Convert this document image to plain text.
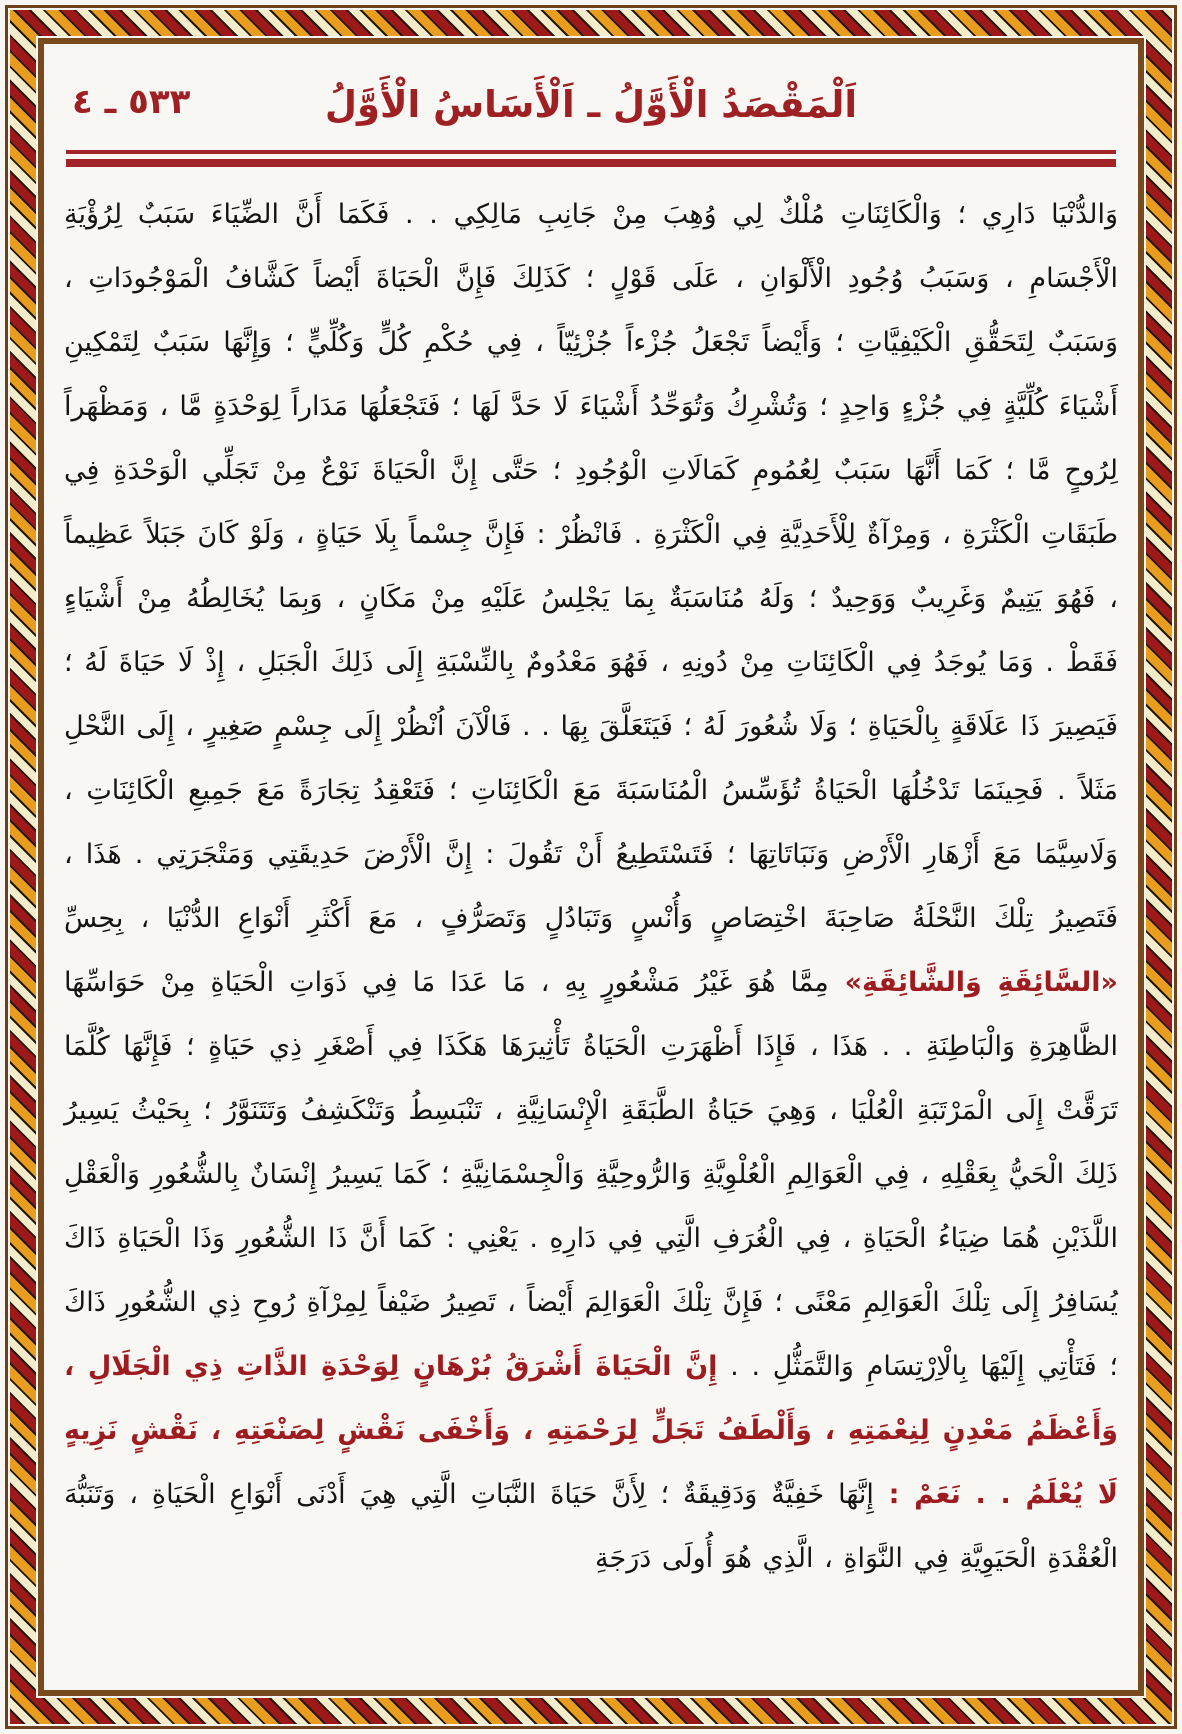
٥٣٣ ـ ٤	اَلْمَقْصَدُ الْأَوَّلُ ـ اَلْأَسَاسُ الْأَوَّلُ
وَالدُّنْيَا دَارِي ؛ وَالْكَائِنَاتِ مُلْكٌ لِي وُهِبَ مِنْ جَانِبِ مَالِكِي . . فَكَمَا أَنَّ الضِّيَاءَ سَبَبٌ لِرُؤْيَةِ الْأَجْسَامِ ، وَسَبَبُ وُجُودِ الْأَلْوَانِ ، عَلَى قَوْلٍ ؛ كَذَلِكَ فَإِنَّ الْحَيَاةَ أَيْضاً كَشَّافُ الْمَوْجُودَاتِ ، وَسَبَبٌ لِتَحَقُّقِ الْكَيْفِيَّاتِ ؛ وَأَيْضاً تَجْعَلُ جُزْءاً جُزْئِيّاً ، فِي حُكْمِ كُلٍّ وَكُلِّيٍّ ؛ وَإِنَّهَا سَبَبٌ لِتَمْكِينِ أَشْيَاءَ كُلِّيَّةٍ فِي جُزْءٍ وَاحِدٍ ؛ وَتُشْرِكُ وَتُوَحِّدُ أَشْيَاءَ لَا حَدَّ لَهَا ؛ فَتَجْعَلُهَا مَدَاراً لِوَحْدَةٍ مَّا ، وَمَظْهَراً لِرُوحٍ مَّا ؛ كَمَا أَنَّهَا سَبَبٌ لِعُمُومِ كَمَالَاتِ الْوُجُودِ ؛ حَتَّى إِنَّ الْحَيَاةَ نَوْعٌ مِنْ تَجَلِّي الْوَحْدَةِ فِي طَبَقَاتِ الْكَثْرَةِ ، وَمِرْآةٌ لِلْأَحَدِيَّةِ فِي الْكَثْرَةِ . فَانْظُرْ : فَإِنَّ جِسْماً بِلَا حَيَاةٍ ، وَلَوْ كَانَ جَبَلاً عَظِيماً ، فَهُوَ يَتِيمٌ وَغَرِيبٌ وَوَحِيدٌ ؛ وَلَهُ مُنَاسَبَةٌ بِمَا يَجْلِسُ عَلَيْهِ مِنْ مَكَانٍ ، وَبِمَا يُخَالِطُهُ مِنْ أَشْيَاءٍ فَقَطْ . وَمَا يُوجَدُ فِي الْكَائِنَاتِ مِنْ دُونِهِ ، فَهُوَ مَعْدُومٌ بِالنِّسْبَةِ إِلَى ذَلِكَ الْجَبَلِ ، إِذْ لَا حَيَاةَ لَهُ ؛ فَيَصِيرَ ذَا عَلَاقَةٍ بِالْحَيَاةِ ؛ وَلَا شُعُورَ لَهُ ؛ فَيَتَعَلَّقَ بِهَا . . فَالْآنَ اُنْظُرْ إِلَى جِسْمٍ صَغِيرٍ ، إِلَى النَّحْلِ مَثَلاً . فَحِينَمَا تَدْخُلُهَا الْحَيَاةُ تُؤَسِّسُ الْمُنَاسَبَةَ مَعَ الْكَائِنَاتِ ؛ فَتَعْقِدُ تِجَارَةً مَعَ جَمِيعِ الْكَائِنَاتِ ، وَلَاسِيَّمَا مَعَ أَزْهَارِ الْأَرْضِ وَنَبَاتَاتِهَا ؛ فَتَسْتَطِيعُ أَنْ تَقُولَ : إِنَّ الْأَرْضَ حَدِيقَتِي وَمَتْجَرَتِي . هَذَا ، فَتَصِيرُ تِلْكَ النَّحْلَةُ صَاحِبَةَ اخْتِصَاصٍ وَأُنْسٍ وَتَبَادُلٍ وَتَصَرُّفٍ ، مَعَ أَكْثَرِ أَنْوَاعِ الدُّنْيَا ، بِحِسِّ «السَّائِقَةِ وَالشَّائِقَةِ» مِمَّا هُوَ غَيْرُ مَشْعُورٍ بِهِ ، مَا عَدَا مَا فِي ذَوَاتِ الْحَيَاةِ مِنْ حَوَاسِّهَا الظَّاهِرَةِ وَالْبَاطِنَةِ . . هَذَا ، فَإِذَا أَظْهَرَتِ الْحَيَاةُ تَأْثِيرَهَا هَكَذَا فِي أَصْغَرِ ذِي حَيَاةٍ ؛ فَإِنَّهَا كُلَّمَا تَرَقَّتْ إِلَى الْمَرْتَبَةِ الْعُلْيَا ، وَهِيَ حَيَاةُ الطَّبَقَةِ الْإِنْسَانِيَّةِ ، تَنْبَسِطُ وَتَنْكَشِفُ وَتَتَنَوَّرُ ؛ بِحَيْثُ يَسِيرُ ذَلِكَ الْحَيُّ بِعَقْلِهِ ، فِي الْعَوَالِمِ الْعُلْوِيَّةِ وَالرُّوحِيَّةِ وَالْجِسْمَانِيَّةِ ؛ كَمَا يَسِيرُ إِنْسَانٌ بِالشُّعُورِ وَالْعَقْلِ اللَّذَيْنِ هُمَا ضِيَاءُ الْحَيَاةِ ، فِي الْغُرَفِ الَّتِي فِي دَارِهِ . يَعْنِي : كَمَا أَنَّ ذَا الشُّعُورِ وَذَا الْحَيَاةِ ذَاكَ يُسَافِرُ إِلَى تِلْكَ الْعَوَالِمِ مَعْنًى ؛ فَإِنَّ تِلْكَ الْعَوَالِمَ أَيْضاً ، تَصِيرُ ضَيْفاً لِمِرْآةِ رُوحِ ذِي الشُّعُورِ ذَاكَ ؛ فَتَأْتِي إِلَيْهَا بِالْاِرْتِسَامِ وَالتَّمَثُّلِ . . إِنَّ الْحَيَاةَ أَشْرَقُ بُرْهَانٍ لِوَحْدَةِ الذَّاتِ ذِي الْجَلَالِ ، وَأَعْظَمُ مَعْدِنٍ لِنِعْمَتِهِ ، وَأَلْطَفُ تَجَلٍّ لِرَحْمَتِهِ ، وَأَخْفَى نَقْشٍ لِصَنْعَتِهِ ، نَقْشٍ نَزِيهٍ لَا يُعْلَمُ . . نَعَمْ : إِنَّهَا خَفِيَّةٌ وَدَقِيقَةٌ ؛ لِأَنَّ حَيَاةَ النَّبَاتِ الَّتِي هِيَ أَدْنَى أَنْوَاعِ الْحَيَاةِ ، وَتَنَبُّهَ الْعُقْدَةِ الْحَيَوِيَّةِ فِي النَّوَاةِ ، الَّذِي هُوَ أُولَى دَرَجَةِ
